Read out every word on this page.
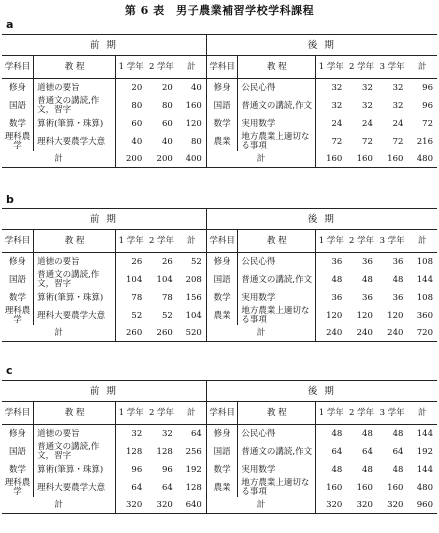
第 6 表　男子農業補習学校学科課程
a
前 期					後 期					
学科目	教 程	1 学年	2 学年	計	学科目	教 程	1 学年	2 学年	3 学年	計
修身	道徳の要旨	20	20	40	修身	公民心得	32	32	32	96
国語	普通文の講読,作文，習字	80	80	160	国語	普通文の講読,作文	32	32	32	96
数学	算術(筆算・珠算)	60	60	120	数学	実用数学	24	24	24	72
理科農学	理科大要農学大意	40	40	80	農業	地方農業上適切なる事項	72	72	72	216
計		200	200	400	計		160	160	160	480
b
前 期					後 期					
学科目	教 程	1 学年	2 学年	計	学科目	教 程	1 学年	2 学年	3 学年	計
修身	道徳の要旨	26	26	52	修身	公民心得	36	36	36	108
国語	普通文の講読,作文，習字	104	104	208	国語	普通文の講読,作文	48	48	48	144
数学	算術(筆算・珠算)	78	78	156	数学	実用数学	36	36	36	108
理科農学	理科大要農学大意	52	52	104	農業	地方農業上適切なる事項	120	120	120	360
計		260	260	520	計		240	240	240	720
c
前 期					後 期					
学科目	教 程	1 学年	2 学年	計	学科目	教 程	1 学年	2 学年	3 学年	計
修身	道徳の要旨	32	32	64	修身	公民心得	48	48	48	144
国語	普通文の講読,作文，習字	128	128	256	国語	普通文の講読,作文	64	64	64	192
数学	算術(筆算・珠算)	96	96	192	数学	実用数学	48	48	48	144
理科農学	理科大要農学大意	64	64	128	農業	地方農業上適切なる事項	160	160	160	480
計		320	320	640	計		320	320	320	960
